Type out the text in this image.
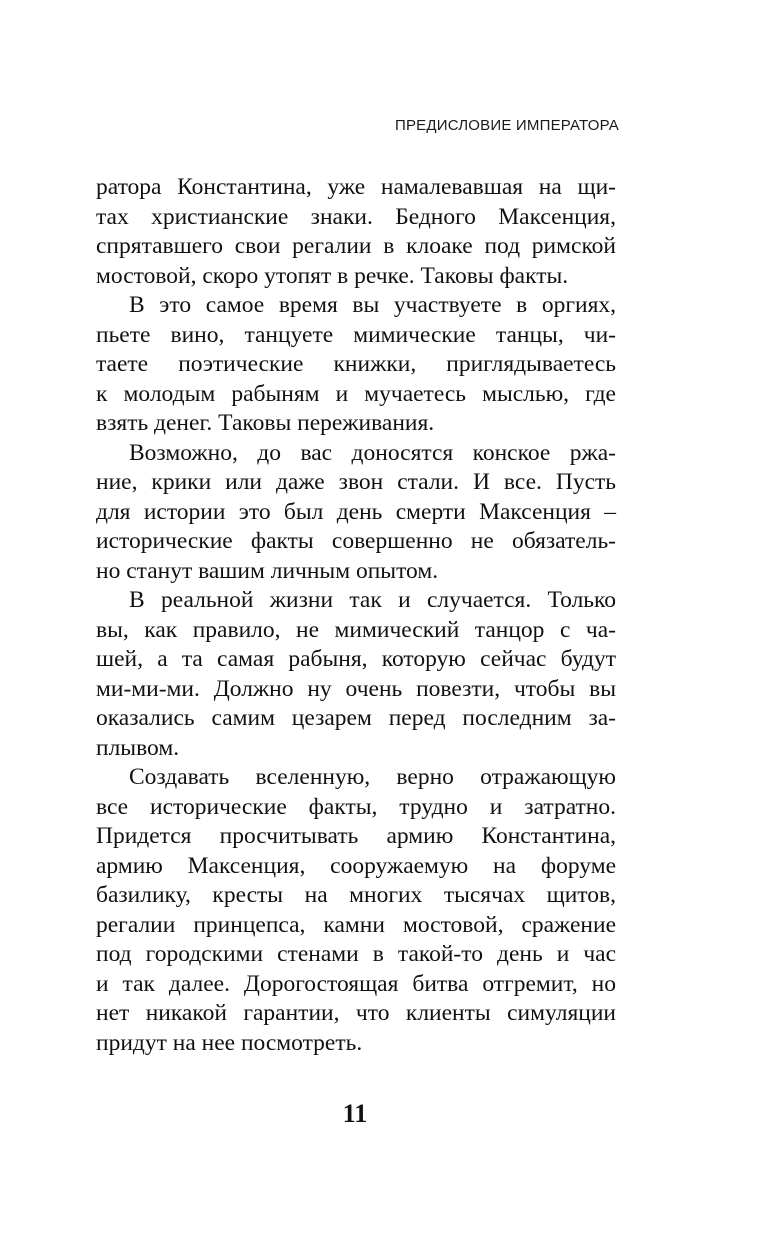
ПРЕДИСЛОВИЕ ИМПЕРАТОРА
ратора Константина, уже намалевавшая на щи-
тах христианские знаки. Бедного Максенция,
спрятавшего свои регалии в клоаке под римской
мостовой, скоро утопят в речке. Таковы факты.
В это самое время вы участвуете в оргиях,
пьете вино, танцуете мимические танцы, чи-
таете поэтические книжки, приглядываетесь
к молодым рабыням и мучаетесь мыслью, где
взять денег. Таковы переживания.
Возможно, до вас доносятся конское ржа-
ние, крики или даже звон стали. И все. Пусть
для истории это был день смерти Максенция –
исторические факты совершенно не обязатель-
но станут вашим личным опытом.
В реальной жизни так и случается. Только
вы, как правило, не мимический танцор с ча-
шей, а та самая рабыня, которую сейчас будут
ми-ми-ми. Должно ну очень повезти, чтобы вы
оказались самим цезарем перед последним за-
плывом.
Создавать вселенную, верно отражающую
все исторические факты, трудно и затратно.
Придется просчитывать армию Константина,
армию Максенция, сооружаемую на форуме
базилику, кресты на многих тысячах щитов,
регалии принцепса, камни мостовой, сражение
под городскими стенами в такой-то день и час
и так далее. Дорогостоящая битва отгремит, но
нет никакой гарантии, что клиенты симуляции
придут на нее посмотреть.
11
